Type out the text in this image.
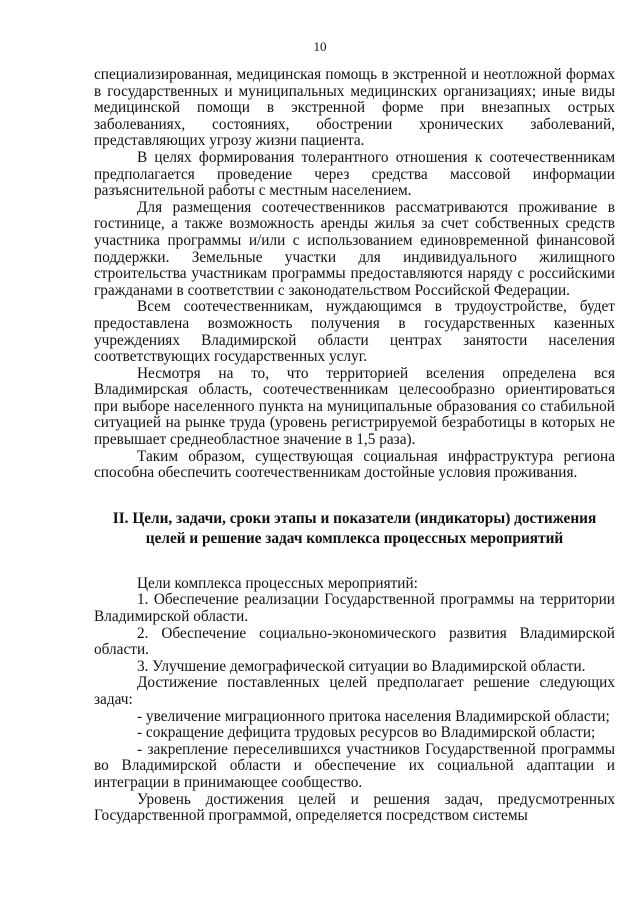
10

специализированная, медицинская помощь в экстренной и неотложной формах в государственных и муниципальных медицинских организациях; иные виды медицинской помощи в экстренной форме при внезапных острых заболеваниях, состояниях, обострении хронических заболеваний, представляющих угрозу жизни пациента.

В целях формирования толерантного отношения к соотечественникам предполагается проведение через средства массовой информации разъяснительной работы с местным населением.

Для размещения соотечественников рассматриваются проживание в гостинице, а также возможность аренды жилья за счет собственных средств участника программы и/или с использованием единовременной финансовой поддержки. Земельные участки для индивидуального жилищного строительства участникам программы предоставляются наряду с российскими гражданами в соответствии с законодательством Российской Федерации.

Всем соотечественникам, нуждающимся в трудоустройстве, будет предоставлена возможность получения в государственных казенных учреждениях Владимирской области центрах занятости населения соответствующих государственных услуг.

Несмотря на то, что территорией вселения определена вся Владимирская область, соотечественникам целесообразно ориентироваться при выборе населенного пункта на муниципальные образования со стабильной ситуацией на рынке труда (уровень регистрируемой безработицы в которых не превышает среднеобластное значение в 1,5 раза).

Таким образом, существующая социальная инфраструктура региона способна обеспечить соотечественникам достойные условия проживания.

II. Цели, задачи, сроки этапы и показатели (индикаторы) достижения целей и решение задач комплекса процессных мероприятий

Цели комплекса процессных мероприятий:

1. Обеспечение реализации Государственной программы на территории Владимирской области.

2. Обеспечение социально-экономического развития Владимирской области.

3. Улучшение демографической ситуации во Владимирской области.

Достижение поставленных целей предполагает решение следующих задач:

- увеличение миграционного притока населения Владимирской области;

- сокращение дефицита трудовых ресурсов во Владимирской области;

- закрепление переселившихся участников Государственной программы во Владимирской области и обеспечение их социальной адаптации и интеграции в принимающее сообщество.

Уровень достижения целей и решения задач, предусмотренных Государственной программой, определяется посредством системы
